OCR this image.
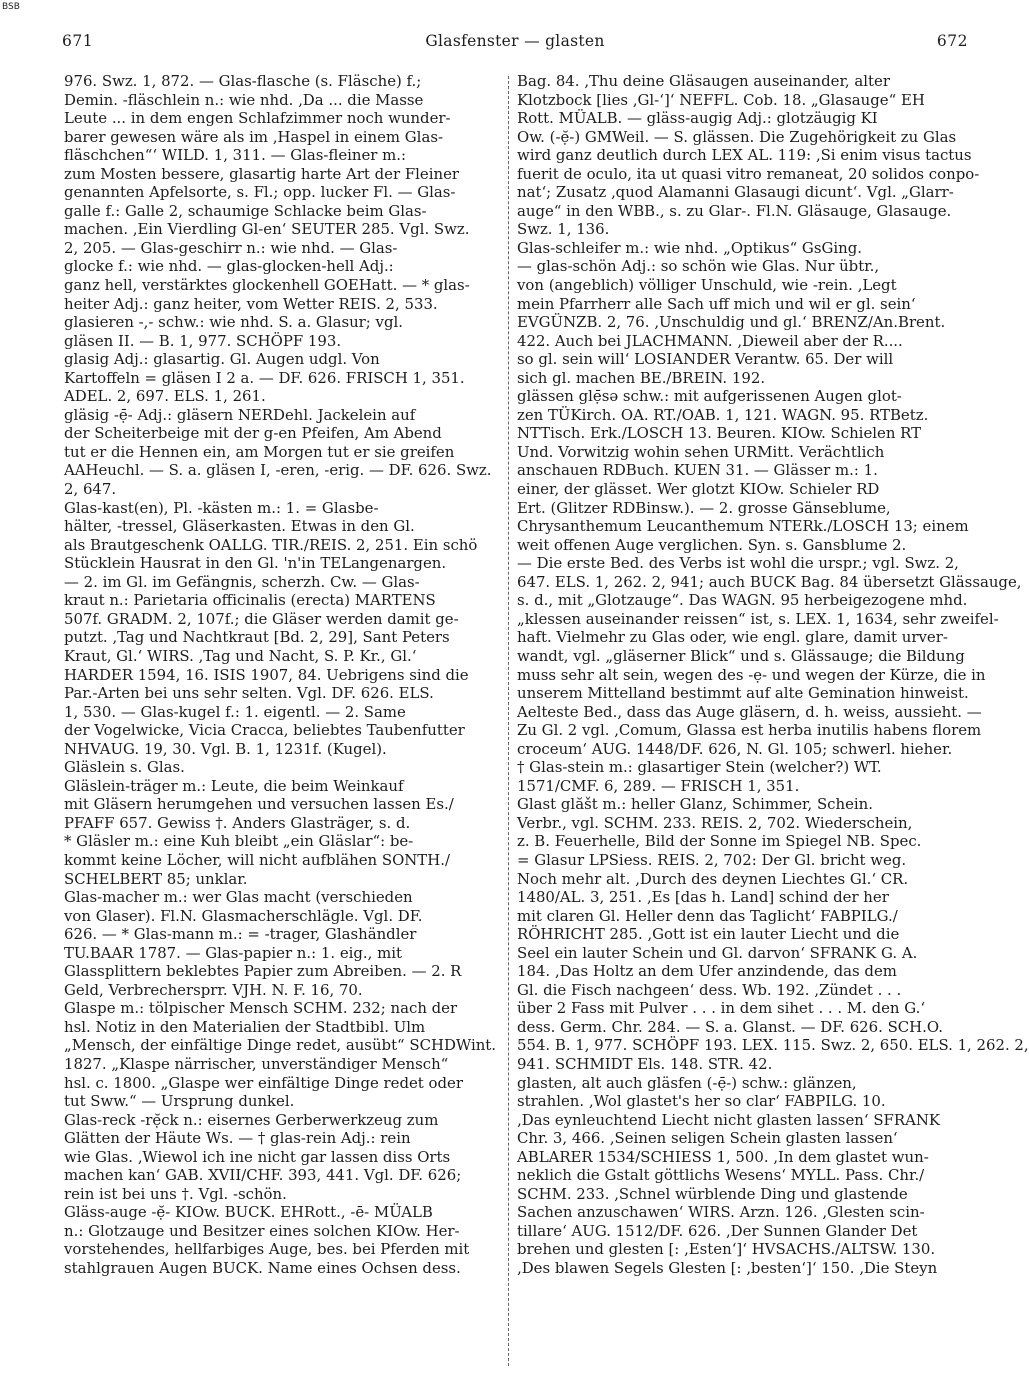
BSB
671	Glasfenster — glasten	672
976. Swz. 1, 872. — Glas-flasche (s. Fläsche) f.;
Demin. -fläschlein n.: wie nhd. ‚Da ... die Masse
Leute ... in dem engen Schlafzimmer noch wunder-
barer gewesen wäre als im ‚Haspel in einem Glas-
fläschchen“‘ WILD. 1, 311. — Glas-fleiner m.:
zum Mosten bessere, glasartig harte Art der Fleiner
genannten Apfelsorte, s. Fl.; opp. lucker Fl. — Glas-
galle f.: Galle 2, schaumige Schlacke beim Glas-
machen. ‚Ein Vierdling Gl-en‘ SEUTER 285. Vgl. Swz.
2, 205. — Glas-geschirr n.: wie nhd. — Glas-
glocke f.: wie nhd. — glas-glocken-hell Adj.:
ganz hell, verstärktes glockenhell GOEHatt. — * glas-
heiter Adj.: ganz heiter, vom Wetter REIS. 2, 533.
glasieren -,- schw.: wie nhd. S. a. Glasur; vgl.
gläsen II. — B. 1, 977. SCHÖPF 193.
glasig Adj.: glasartig. Gl. Augen udgl. Von
Kartoffeln = gläsen I 2 a. — DF. 626. FRISCH 1, 351.
ADEL. 2, 697. ELS. 1, 261.
gläsig -ẹ̄- Adj.: gläsern NERDehl. Jackelein auf
der Scheiterbeige mit der g-en Pfeifen, Am Abend
tut er die Hennen ein, am Morgen tut er sie greifen
AAHeuchl. — S. a. gläsen I, -eren, -erig. — DF. 626. Swz.
2, 647.
Glas-kast(en), Pl. -kästen m.: 1. = Glasbe-
hälter, -tressel, Gläserkasten. Etwas in den Gl.
als Brautgeschenk OALLG. TIR./REIS. 2, 251. Ein schö
Stücklein Hausrat in den Gl. 'n'in TELangenargen.
— 2. im Gl. im Gefängnis, scherzh. Cw. — Glas-
kraut n.: Parietaria officinalis (erecta) MARTENS
507f. GRADM. 2, 107f.; die Gläser werden damit ge-
putzt. ‚Tag und Nachtkraut [Bd. 2, 29], Sant Peters
Kraut, Gl.‘ WIRS. ‚Tag und Nacht, S. P. Kr., Gl.‘
HARDER 1594, 16. ISIS 1907, 84. Uebrigens sind die
Par.-Arten bei uns sehr selten. Vgl. DF. 626. ELS.
1, 530. — Glas-kugel f.: 1. eigentl. — 2. Same
der Vogelwicke, Vicia Cracca, beliebtes Taubenfutter
NHVAUG. 19, 30. Vgl. B. 1, 1231f. (Kugel).
Gläslein s. Glas.
Gläslein-träger m.: Leute, die beim Weinkauf
mit Gläsern herumgehen und versuchen lassen Es./
PFAFF 657. Gewiss †. Anders Glasträger, s. d.
* Gläsler m.: eine Kuh bleibt „ein Gläslar“: be-
kommt keine Löcher, will nicht aufblähen SONTH./
SCHELBERT 85; unklar.
Glas-macher m.: wer Glas macht (verschieden
von Glaser). Fl.N. Glasmacherschlägle. Vgl. DF.
626. — * Glas-mann m.: = -trager, Glashändler
TU.BAAR 1787. — Glas-papier n.: 1. eig., mit
Glassplittern beklebtes Papier zum Abreiben. — 2. R
Geld, Verbrechersprr. VJH. N. F. 16, 70.
Glaspe m.: tölpischer Mensch SCHM. 232; nach der
hsl. Notiz in den Materialien der Stadtbibl. Ulm
„Mensch, der einfältige Dinge redet, ausübt“ SCHDWint.
1827. „Klaspe närrischer, unverständiger Mensch“
hsl. c. 1800. „Glaspe wer einfältige Dinge redet oder
tut Sww.“ — Ursprung dunkel.
Glas-reck -rẹ̆ck n.: eisernes Gerberwerkzeug zum
Glätten der Häute Ws. — † glas-rein Adj.: rein
wie Glas. ‚Wiewol ich ine nicht gar lassen diss Orts
machen kan‘ GAB. XVII/CHF. 393, 441. Vgl. DF. 626;
rein ist bei uns †. Vgl. -schön.
Gläss-auge -ẹ̆- KIOw. BUCK. EHRott., -ē- MÜALB
n.: Glotzauge und Besitzer eines solchen KIOw. Her-
vorstehendes, hellfarbiges Auge, bes. bei Pferden mit
stahlgrauen Augen BUCK. Name eines Ochsen dess.
Bag. 84. ‚Thu deine Gläsaugen auseinander, alter
Klotzbock [lies ‚Gl-‘]‘ NEFFL. Cob. 18. „Glasauge“ EH
Rott. MÜALB. — gläss-augig Adj.: glotzäugig KI
Ow. (-ẹ̆-) GMWeil. — S. glässen. Die Zugehörigkeit zu Glas
wird ganz deutlich durch LEX AL. 119: ‚Si enim visus tactus
fuerit de oculo, ita ut quasi vitro remaneat, 20 solidos conpo-
nat‘; Zusatz ‚quod Alamanni Glasaugi dicunt‘. Vgl. „Glarr-
auge“ in den WBB., s. zu Glar-. Fl.N. Gläsauge, Glasauge.
Swz. 1, 136.
Glas-schleifer m.: wie nhd. „Optikus“ GsGing.
— glas-schön Adj.: so schön wie Glas. Nur übtr.,
von (angeblich) völliger Unschuld, wie -rein. ‚Legt
mein Pfarrherr alle Sach uff mich und wil er gl. sein‘
EVGÜNZB. 2, 76. ‚Unschuldig und gl.‘ BRENZ/An.Brent.
422. Auch bei JLACHMANN. ‚Dieweil aber der R....
so gl. sein will‘ LOSIANDER Verantw. 65. Der will
sich gl. machen BE./BREIN. 192.
glässen glẹ̄sə schw.: mit aufgerissenen Augen glot-
zen TÜKirch. OA. RT./OAB. 1, 121. WAGN. 95. RTBetz.
NTTisch. Erk./LOSCH 13. Beuren. KIOw. Schielen RT
Und. Vorwitzig wohin sehen URMitt. Verächtlich
anschauen RDBuch. KUEN 31. — Glässer m.: 1.
einer, der glässet. Wer glotzt KIOw. Schieler RD
Ert. (Glitzer RDBinsw.). — 2. grosse Gänseblume,
Chrysanthemum Leucanthemum NTERk./LOSCH 13; einem
weit offenen Auge verglichen. Syn. s. Gansblume 2.
— Die erste Bed. des Verbs ist wohl die urspr.; vgl. Swz. 2,
647. ELS. 1, 262. 2, 941; auch BUCK Bag. 84 übersetzt Glässauge,
s. d., mit „Glotzauge“. Das WAGN. 95 herbeigezogene mhd.
„klessen auseinander reissen“ ist, s. LEX. 1, 1634, sehr zweifel-
haft. Vielmehr zu Glas oder, wie engl. glare, damit urver-
wandt, vgl. „gläserner Blick“ und s. Glässauge; die Bildung
muss sehr alt sein, wegen des -ẹ- und wegen der Kürze, die in
unserem Mittelland bestimmt auf alte Gemination hinweist.
Aelteste Bed., dass das Auge gläsern, d. h. weiss, aussieht. —
Zu Gl. 2 vgl. ‚Comum, Glassa est herba inutilis habens florem
croceum‘ AUG. 1448/DF. 626, N. Gl. 105; schwerl. hieher.
† Glas-stein m.: glasartiger Stein (welcher?) WT.
1571/CMF. 6, 289. — FRISCH 1, 351.
Glast glăšt m.: heller Glanz, Schimmer, Schein.
Verbr., vgl. SCHM. 233. REIS. 2, 702. Wiederschein,
z. B. Feuerhelle, Bild der Sonne im Spiegel NB. Spec.
= Glasur LPSiess. REIS. 2, 702: Der Gl. bricht weg.
Noch mehr alt. ‚Durch des deynen Liechtes Gl.‘ CR.
1480/AL. 3, 251. ‚Es [das h. Land] schind der her
mit claren Gl. Heller denn das Taglicht‘ FABPILG./
RÖHRICHT 285. ‚Gott ist ein lauter Liecht und die
Seel ein lauter Schein und Gl. darvon‘ SFRANK G. A.
184. ‚Das Holtz an dem Ufer anzindende, das dem
Gl. die Fisch nachgeen‘ dess. Wb. 192. ‚Zündet . . .
über 2 Fass mit Pulver . . . in dem sihet . . . M. den G.‘
dess. Germ. Chr. 284. — S. a. Glanst. — DF. 626. SCH.O.
554. B. 1, 977. SCHÖPF 193. LEX. 115. Swz. 2, 650. ELS. 1, 262. 2,
941. SCHMIDT Els. 148. STR. 42.
glasten, alt auch gläsfen (-ẹ̄-) schw.: glänzen,
strahlen. ‚Wol glastet's her so clar‘ FABPILG. 10.
‚Das eynleuchtend Liecht nicht glasten lassen‘ SFRANK
Chr. 3, 466. ‚Seinen seligen Schein glasten lassen‘
ABLARER 1534/SCHIESS 1, 500. ‚In dem glastet wun-
neklich die Gstalt göttlichs Wesens‘ MYLL. Pass. Chr./
SCHM. 233. ‚Schnel würblende Ding und glastende
Sachen anzuschawen‘ WIRS. Arzn. 126. ‚Glesten scin-
tillare‘ AUG. 1512/DF. 626. ‚Der Sunnen Glander Det
brehen und glesten [: ‚Esten‘]‘ HVSACHS./ALTSW. 130.
‚Des blawen Segels Glesten [: ‚besten‘]‘ 150. ‚Die Steyn
